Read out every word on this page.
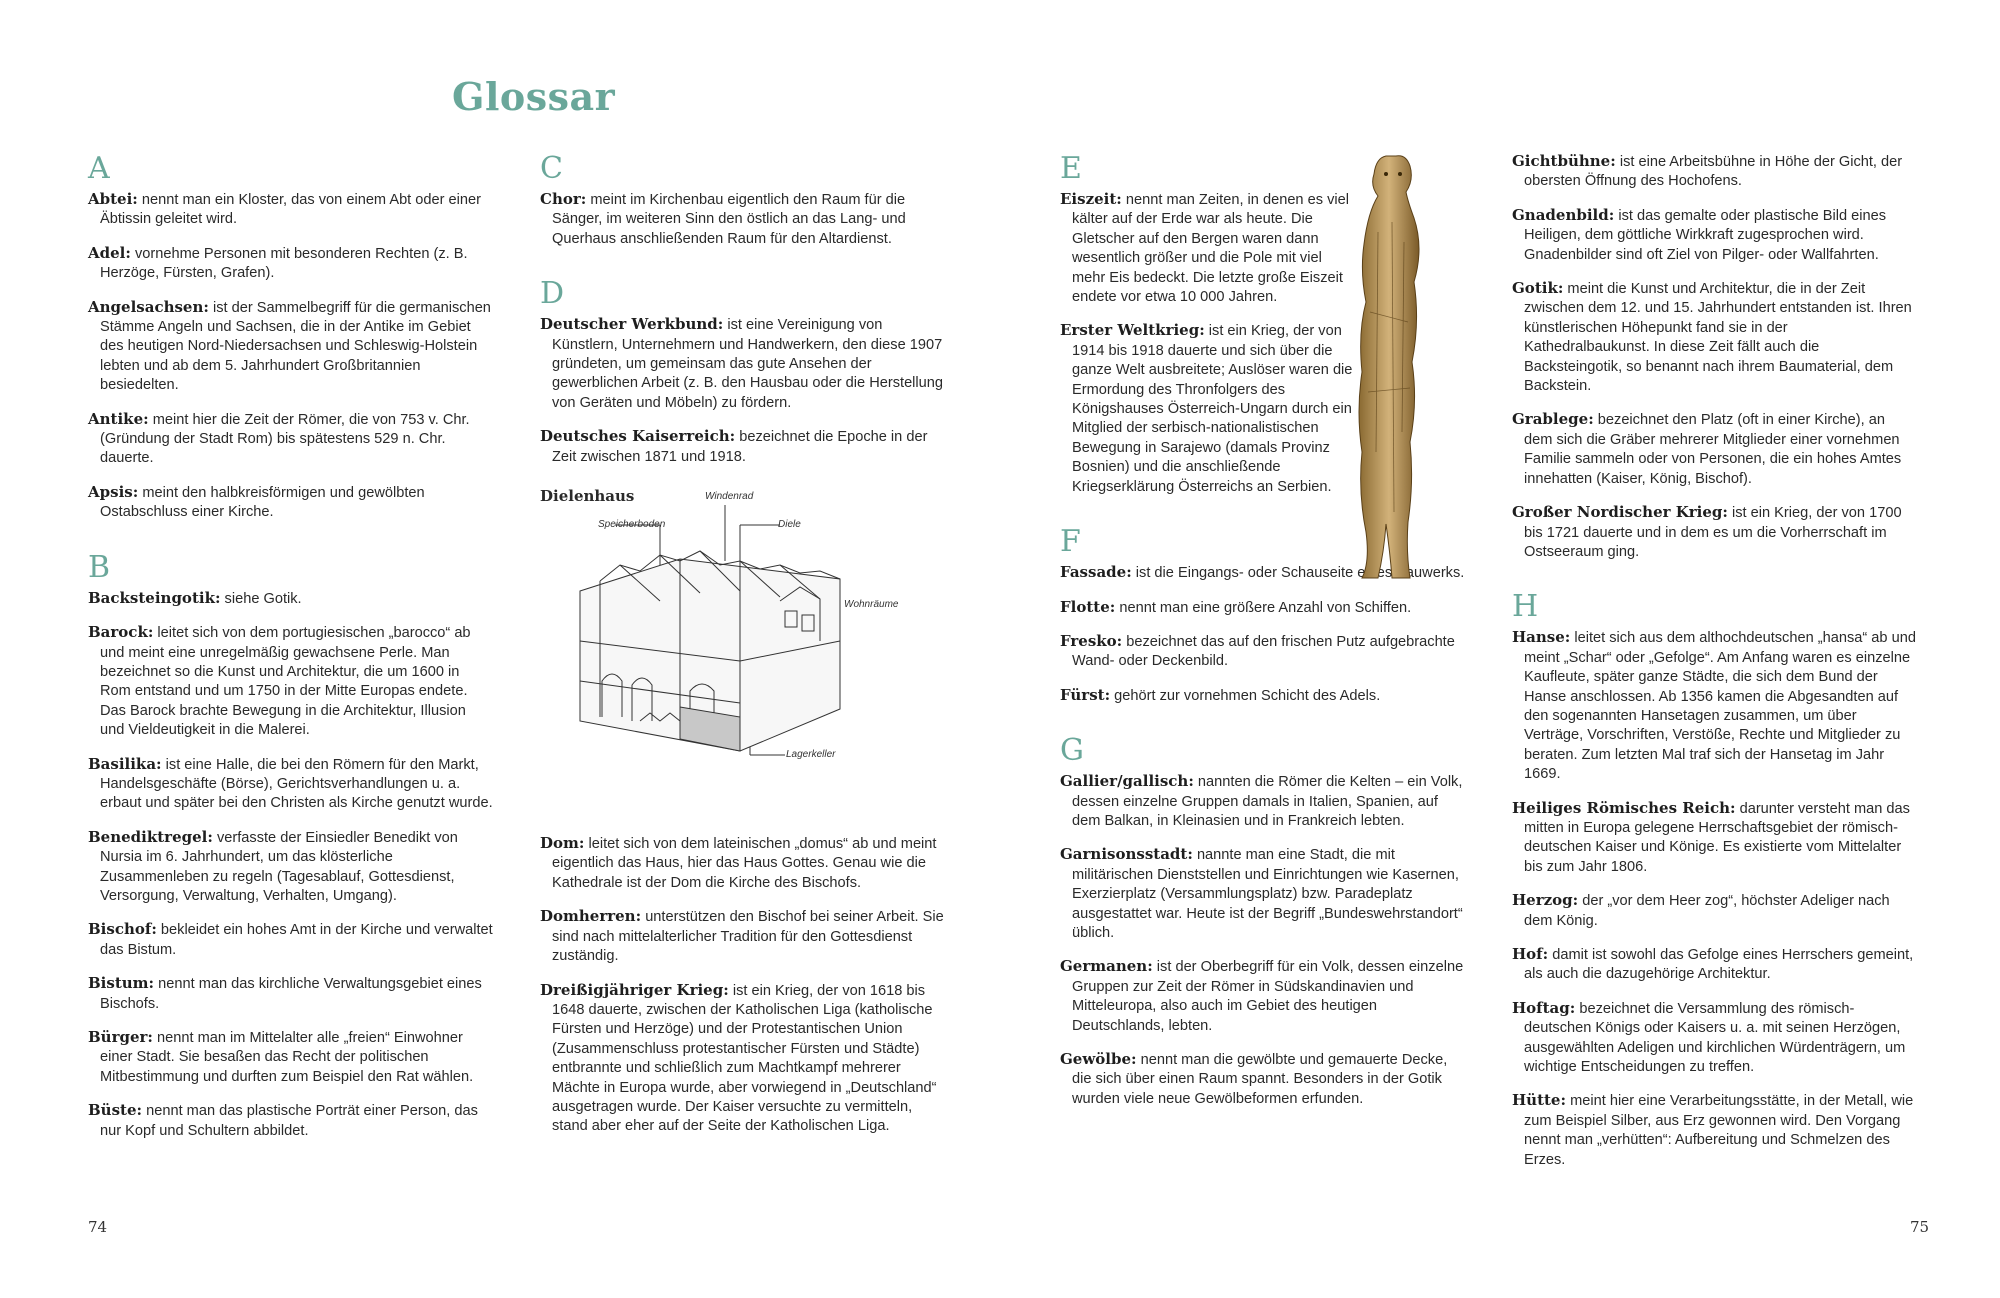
Glossar
A

Abtei: nennt man ein Kloster, das von einem Abt oder einer Äbtissin geleitet wird.

Adel: vornehme Personen mit besonderen Rechten (z. B. Herzöge, Fürsten, Grafen).

Angelsachsen: ist der Sammelbegriff für die germanischen Stämme Angeln und Sachsen, die in der Antike im Gebiet des heutigen Nord-Niedersachsen und Schleswig-Holstein lebten und ab dem 5. Jahrhundert Großbritannien besiedelten.

Antike: meint hier die Zeit der Römer, die von 753 v. Chr. (Gründung der Stadt Rom) bis spätestens 529 n. Chr. dauerte.

Apsis: meint den halbkreisförmigen und gewölbten Ostabschluss einer Kirche.

B

Backsteingotik: siehe Gotik.

Barock: leitet sich von dem portugiesischen „barocco“ ab und meint eine unregelmäßig gewachsene Perle. Man bezeichnet so die Kunst und Architektur, die um 1600 in Rom entstand und um 1750 in der Mitte Europas endete. Das Barock brachte Bewegung in die Architektur, Illusion und Vieldeutigkeit in die Malerei.

Basilika: ist eine Halle, die bei den Römern für den Markt, Handelsgeschäfte (Börse), Gerichtsverhandlungen u. a. erbaut und später bei den Christen als Kirche genutzt wurde.

Benediktregel: verfasste der Einsiedler Benedikt von Nursia im 6. Jahrhundert, um das klösterliche Zusammenleben zu regeln (Tagesablauf, Gottesdienst, Versorgung, Verwaltung, Verhalten, Umgang).

Bischof: bekleidet ein hohes Amt in der Kirche und verwaltet das Bistum.

Bistum: nennt man das kirchliche Verwaltungsgebiet eines Bischofs.

Bürger: nennt man im Mittelalter alle „freien“ Einwohner einer Stadt. Sie besaßen das Recht der politischen Mitbestimmung und durften zum Beispiel den Rat wählen.

Büste: nennt man das plastische Porträt einer Person, das nur Kopf und Schultern abbildet.

C

Chor: meint im Kirchenbau eigentlich den Raum für die Sänger, im weiteren Sinn den östlich an das Lang- und Querhaus anschließenden Raum für den Altardienst.

D

Deutscher Werkbund: ist eine Vereinigung von Künstlern, Unternehmern und Handwerkern, den diese 1907 gründeten, um gemeinsam das gute Ansehen der gewerblichen Arbeit (z. B. den Hausbau oder die Herstellung von Geräten und Möbeln) zu fördern.

Deutsches Kaiserreich: bezeichnet die Epoche in der Zeit zwischen 1871 und 1918.

Dielenhaus	Windenrad
Speicherboden	Diele
Wohnräume
Lagerkeller

Dom: leitet sich von dem lateinischen „domus“ ab und meint eigentlich das Haus, hier das Haus Gottes. Genau wie die Kathedrale ist der Dom die Kirche des Bischofs.

Domherren: unterstützen den Bischof bei seiner Arbeit. Sie sind nach mittelalterlicher Tradition für den Gottesdienst zuständig.

Dreißigjähriger Krieg: ist ein Krieg, der von 1618 bis 1648 dauerte, zwischen der Katholischen Liga (katholische Fürsten und Herzöge) und der Protestantischen Union (Zusammenschluss protestantischer Fürsten und Städte) entbrannte und schließlich zum Machtkampf mehrerer Mächte in Europa wurde, aber vorwiegend in „Deutschland“ ausgetragen wurde. Der Kaiser versuchte zu vermitteln, stand aber eher auf der Seite der Katholischen Liga.

E

Eiszeit: nennt man Zeiten, in denen es viel kälter auf der Erde war als heute. Die Gletscher auf den Bergen waren dann wesentlich größer und die Pole mit viel mehr Eis bedeckt. Die letzte große Eiszeit endete vor etwa 10 000 Jahren.

Erster Weltkrieg: ist ein Krieg, der von 1914 bis 1918 dauerte und sich über die ganze Welt ausbreitete; Auslöser waren die Ermordung des Thronfolgers des Königshauses Österreich-Ungarn durch ein Mitglied der serbisch-nationalistischen Bewegung in Sarajewo (damals Provinz Bosnien) und die anschließende Kriegserklärung Österreichs an Serbien.

F

Fassade: ist die Eingangs- oder Schauseite eines Bauwerks.

Flotte: nennt man eine größere Anzahl von Schiffen.

Fresko: bezeichnet das auf den frischen Putz aufgebrachte Wand- oder Deckenbild.

Fürst: gehört zur vornehmen Schicht des Adels.

G

Gallier/gallisch: nannten die Römer die Kelten – ein Volk, dessen einzelne Gruppen damals in Italien, Spanien, auf dem Balkan, in Kleinasien und in Frankreich lebten.

Garnisonsstadt: nannte man eine Stadt, die mit militärischen Dienststellen und Einrichtungen wie Kasernen, Exerzierplatz (Versammlungsplatz) bzw. Paradeplatz ausgestattet war. Heute ist der Begriff „Bundeswehrstandort“ üblich.

Germanen: ist der Oberbegriff für ein Volk, dessen einzelne Gruppen zur Zeit der Römer in Südskandinavien und Mitteleuropa, also auch im Gebiet des heutigen Deutschlands, lebten.

Gewölbe: nennt man die gewölbte und gemauerte Decke, die sich über einen Raum spannt. Besonders in der Gotik wurden viele neue Gewölbeformen erfunden.

Gichtbühne: ist eine Arbeitsbühne in Höhe der Gicht, der obersten Öffnung des Hochofens.

Gnadenbild: ist das gemalte oder plastische Bild eines Heiligen, dem göttliche Wirkkraft zugesprochen wird. Gnadenbilder sind oft Ziel von Pilger- oder Wallfahrten.

Gotik: meint die Kunst und Architektur, die in der Zeit zwischen dem 12. und 15. Jahrhundert entstanden ist. Ihren künstlerischen Höhepunkt fand sie in der Kathedralbaukunst. In diese Zeit fällt auch die Backsteingotik, so benannt nach ihrem Baumaterial, dem Backstein.

Grablege: bezeichnet den Platz (oft in einer Kirche), an dem sich die Gräber mehrerer Mitglieder einer vornehmen Familie sammeln oder von Personen, die ein hohes Amtes innehatten (Kaiser, König, Bischof).

Großer Nordischer Krieg: ist ein Krieg, der von 1700 bis 1721 dauerte und in dem es um die Vorherrschaft im Ostseeraum ging.

H

Hanse: leitet sich aus dem althochdeutschen „hansa“ ab und meint „Schar“ oder „Gefolge“. Am Anfang waren es einzelne Kaufleute, später ganze Städte, die sich dem Bund der Hanse anschlossen. Ab 1356 kamen die Abgesandten auf den sogenannten Hansetagen zusammen, um über Verträge, Vorschriften, Verstöße, Rechte und Mitglieder zu beraten. Zum letzten Mal traf sich der Hansetag im Jahr 1669.

Heiliges Römisches Reich: darunter versteht man das mitten in Europa gelegene Herrschaftsgebiet der römisch-deutschen Kaiser und Könige. Es existierte vom Mittelalter bis zum Jahr 1806.

Herzog: der „vor dem Heer zog“, höchster Adeliger nach dem König.

Hof: damit ist sowohl das Gefolge eines Herrschers gemeint, als auch die dazugehörige Architektur.

Hoftag: bezeichnet die Versammlung des römisch-deutschen Königs oder Kaisers u. a. mit seinen Herzögen, ausgewählten Adeligen und kirchlichen Würdenträgern, um wichtige Entscheidungen zu treffen.

Hütte: meint hier eine Verarbeitungsstätte, in der Metall, wie zum Beispiel Silber, aus Erz gewonnen wird. Den Vorgang nennt man „verhütten“: Aufbereitung und Schmelzen des Erzes.

74	75
